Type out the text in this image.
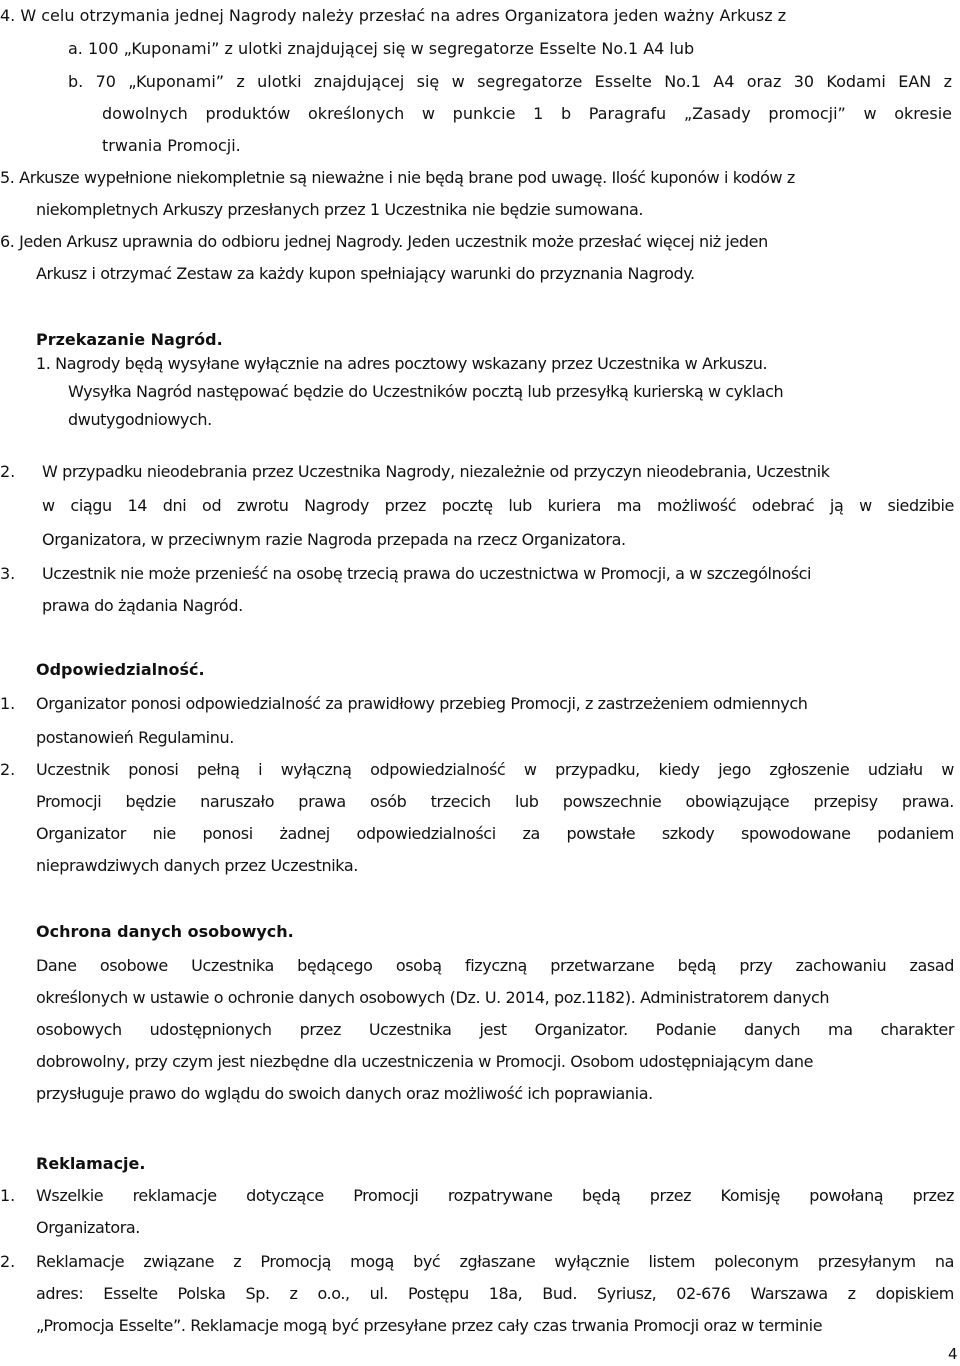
4. W celu otrzymania jednej Nagrody należy przesłać na adres Organizatora jeden ważny Arkusz z
a. 100 „Kuponami” z ulotki znajdującej się w segregatorze Esselte No.1 A4 lub
b. 70 „Kuponami” z ulotki znajdującej się w segregatorze Esselte No.1 A4 oraz 30 Kodami EAN z
dowolnych produktów określonych w punkcie 1 b Paragrafu „Zasady promocji” w okresie
trwania Promocji.
5. Arkusze wypełnione niekompletnie są nieważne i nie będą brane pod uwagę. Ilość kuponów i kodów z
niekompletnych Arkuszy przesłanych przez 1 Uczestnika nie będzie sumowana.
6. Jeden Arkusz uprawnia do odbioru jednej Nagrody. Jeden uczestnik może przesłać więcej niż jeden
Arkusz i otrzymać Zestaw za każdy kupon spełniający warunki do przyznania Nagrody.
Przekazanie Nagród.
1. Nagrody będą wysyłane wyłącznie na adres pocztowy wskazany przez Uczestnika w Arkuszu.
Wysyłka Nagród następować będzie do Uczestników pocztą lub przesyłką kurierską w cyklach
dwutygodniowych.
2. W przypadku nieodebrania przez Uczestnika Nagrody, niezależnie od przyczyn nieodebrania, Uczestnik
w ciągu 14 dni od zwrotu Nagrody przez pocztę lub kuriera ma możliwość odebrać ją w siedzibie
Organizatora, w przeciwnym razie Nagroda przepada na rzecz Organizatora.
3. Uczestnik nie może przenieść na osobę trzecią prawa do uczestnictwa w Promocji, a w szczególności
prawa do żądania Nagród.
Odpowiedzialność.
1. Organizator ponosi odpowiedzialność za prawidłowy przebieg Promocji, z zastrzeżeniem odmiennych
postanowień Regulaminu.
2. Uczestnik ponosi pełną i wyłączną odpowiedzialność w przypadku, kiedy jego zgłoszenie udziału w
Promocji będzie naruszało prawa osób trzecich lub powszechnie obowiązujące przepisy prawa.
Organizator nie ponosi żadnej odpowiedzialności za powstałe szkody spowodowane podaniem
nieprawdziwych danych przez Uczestnika.
Ochrona danych osobowych.
Dane osobowe Uczestnika będącego osobą fizyczną przetwarzane będą przy zachowaniu zasad
określonych w ustawie o ochronie danych osobowych (Dz. U. 2014, poz.1182). Administratorem danych
osobowych udostępnionych przez Uczestnika jest Organizator. Podanie danych ma charakter
dobrowolny, przy czym jest niezbędne dla uczestniczenia w Promocji. Osobom udostępniającym dane
przysługuje prawo do wglądu do swoich danych oraz możliwość ich poprawiania.
Reklamacje.
1. Wszelkie reklamacje dotyczące Promocji rozpatrywane będą przez Komisję powołaną przez
Organizatora.
2. Reklamacje związane z Promocją mogą być zgłaszane wyłącznie listem poleconym przesyłanym na
adres: Esselte Polska Sp. z o.o., ul. Postępu 18a, Bud. Syriusz, 02-676 Warszawa z dopiskiem
„Promocja Esselte”. Reklamacje mogą być przesyłane przez cały czas trwania Promocji oraz w terminie
4
